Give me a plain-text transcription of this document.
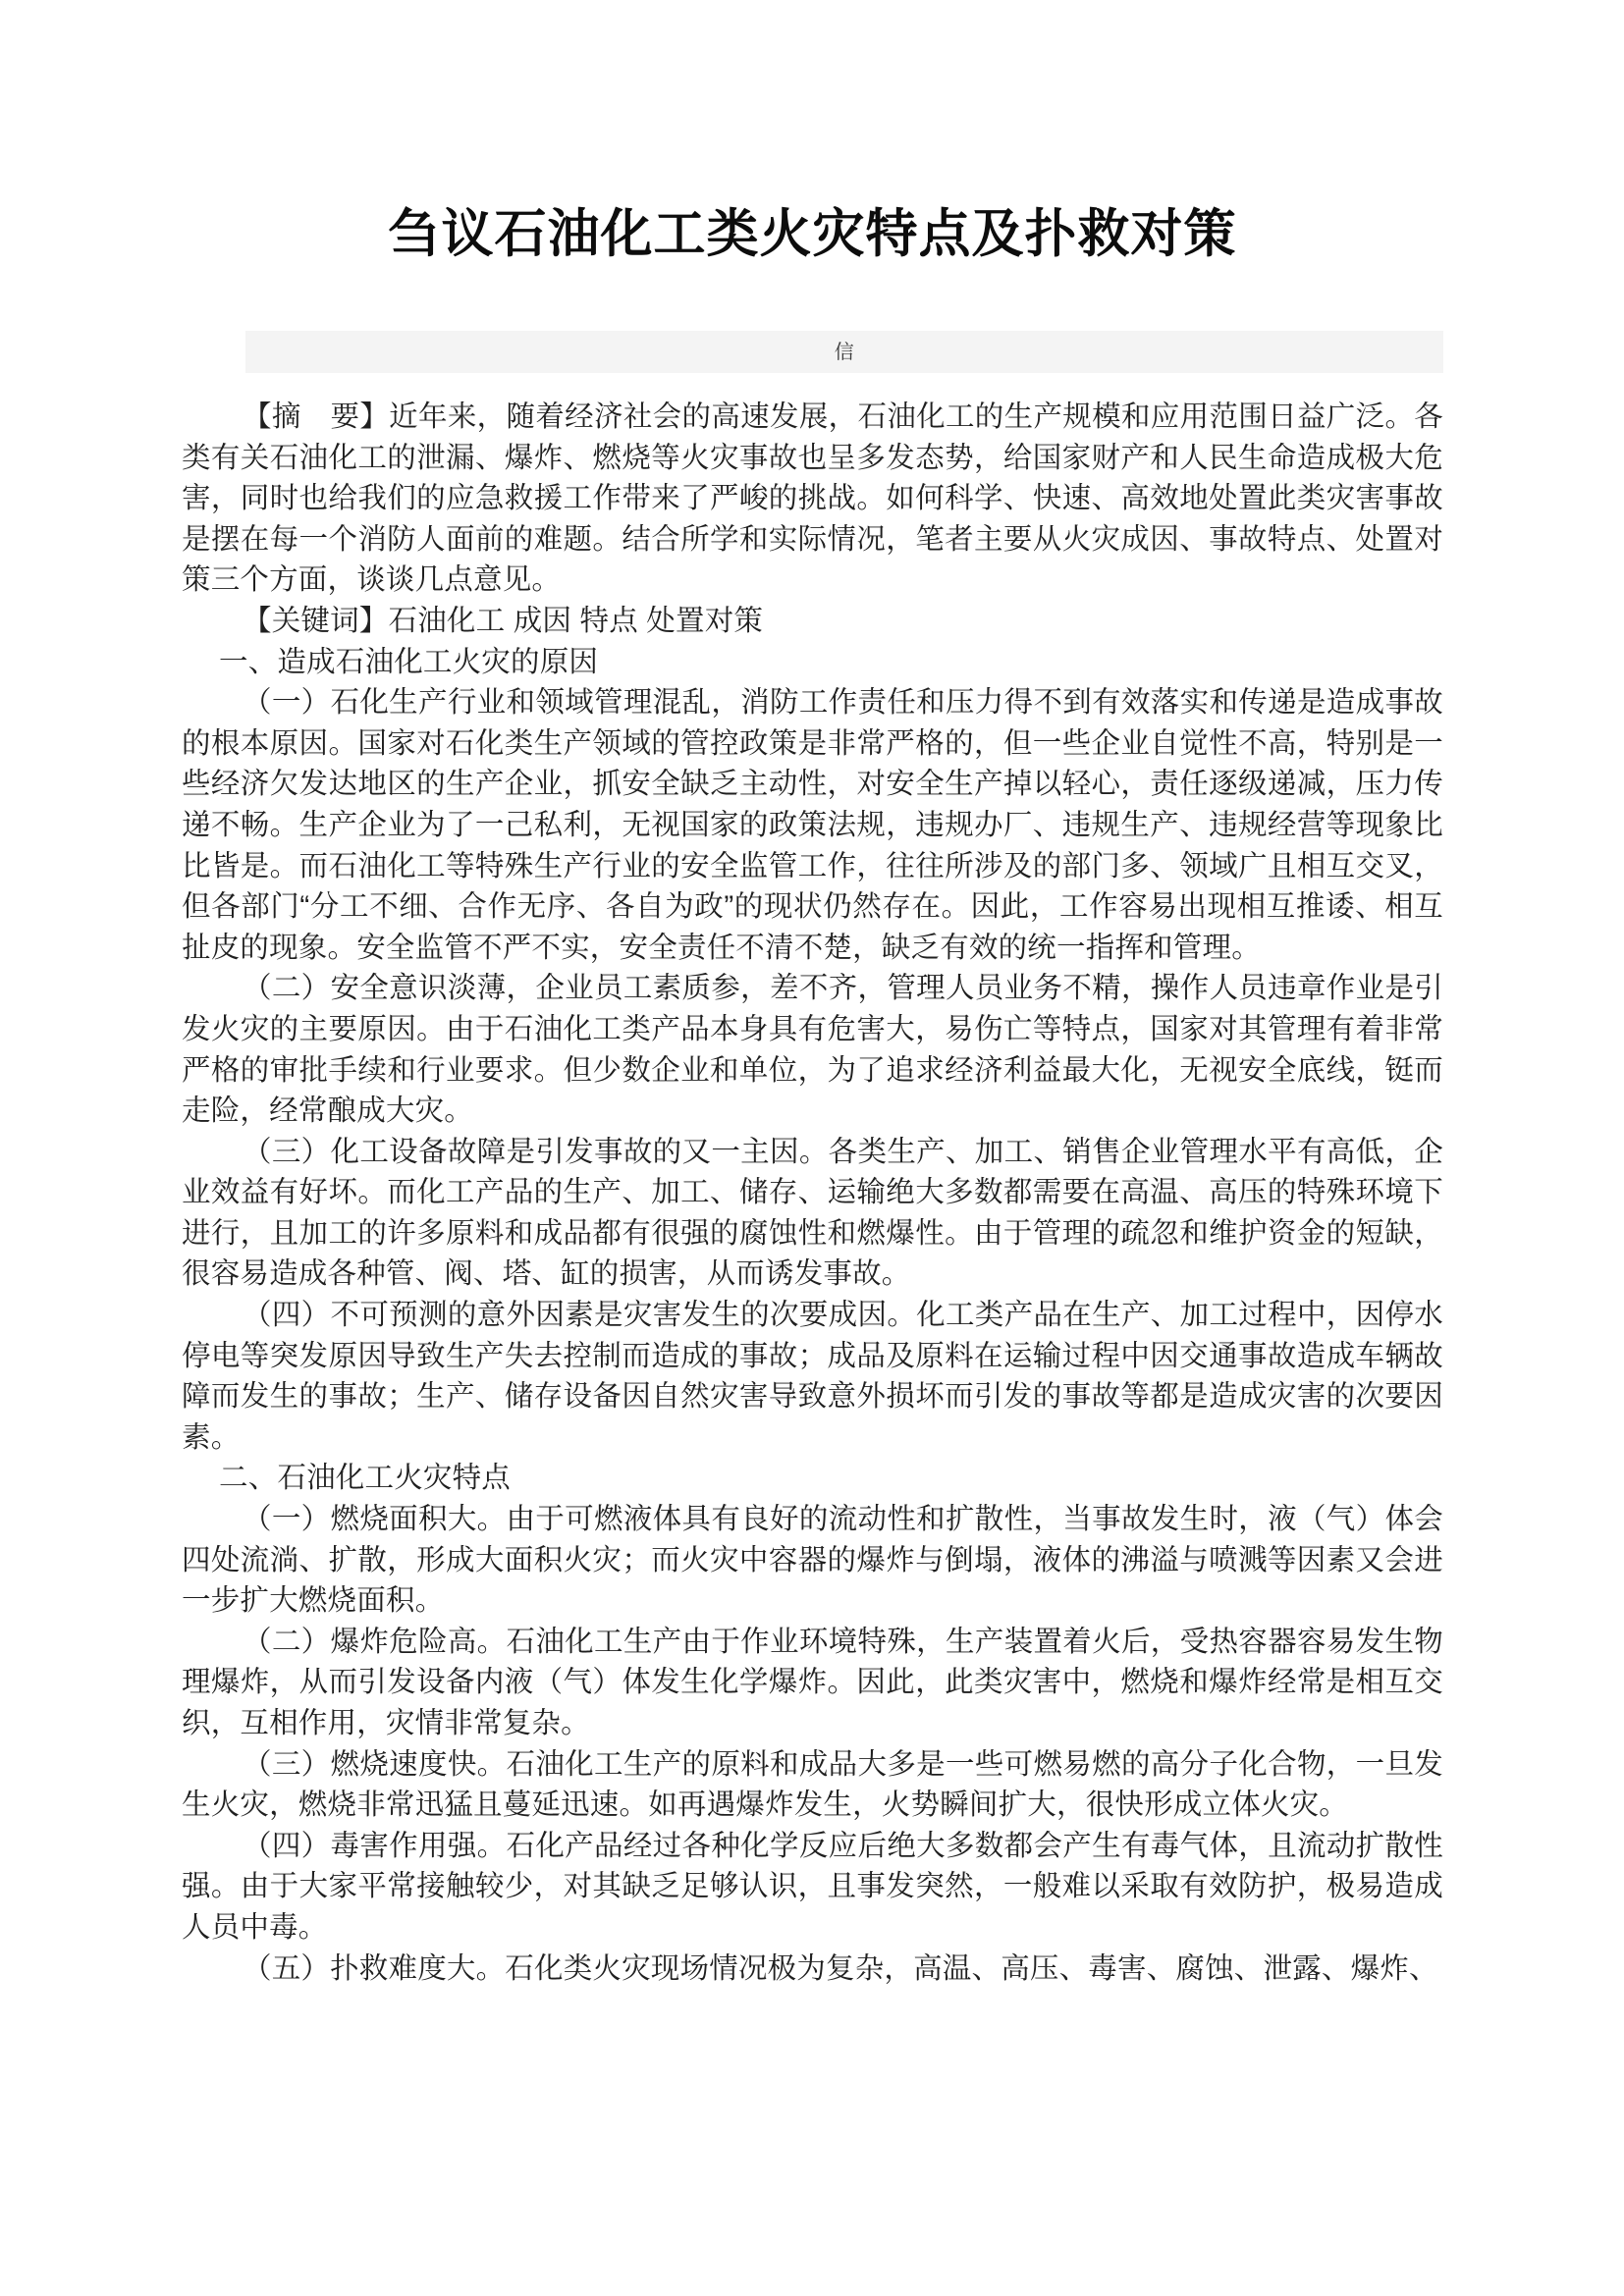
刍议石油化工类火灾特点及扑救对策
信

【摘　要】近年来，随着经济社会的高速发展，石油化工的生产规模和应用范围日益广泛。各类有关石油化工的泄漏、爆炸、燃烧等火灾事故也呈多发态势，给国家财产和人民生命造成极大危害，同时也给我们的应急救援工作带来了严峻的挑战。如何科学、快速、高效地处置此类灾害事故是摆在每一个消防人面前的难题。结合所学和实际情况，笔者主要从火灾成因、事故特点、处置对策三个方面，谈谈几点意见。

【关键词】石油化工 成因 特点 处置对策

一、造成石油化工火灾的原因

（一）石化生产行业和领域管理混乱，消防工作责任和压力得不到有效落实和传递是造成事故的根本原因。国家对石化类生产领域的管控政策是非常严格的，但一些企业自觉性不高，特别是一些经济欠发达地区的生产企业，抓安全缺乏主动性，对安全生产掉以轻心，责任逐级递减，压力传递不畅。生产企业为了一己私利，无视国家的政策法规，违规办厂、违规生产、违规经营等现象比比皆是。而石油化工等特殊生产行业的安全监管工作，往往所涉及的部门多、领域广且相互交叉，但各部门“分工不细、合作无序、各自为政”的现状仍然存在。因此，工作容易出现相互推诿、相互扯皮的现象。安全监管不严不实，安全责任不清不楚，缺乏有效的统一指挥和管理。

（二）安全意识淡薄，企业员工素质参，差不齐，管理人员业务不精，操作人员违章作业是引发火灾的主要原因。由于石油化工类产品本身具有危害大，易伤亡等特点，国家对其管理有着非常严格的审批手续和行业要求。但少数企业和单位，为了追求经济利益最大化，无视安全底线，铤而走险，经常酿成大灾。

（三）化工设备故障是引发事故的又一主因。各类生产、加工、销售企业管理水平有高低，企业效益有好坏。而化工产品的生产、加工、储存、运输绝大多数都需要在高温、高压的特殊环境下进行，且加工的许多原料和成品都有很强的腐蚀性和燃爆性。由于管理的疏忽和维护资金的短缺，很容易造成各种管、阀、塔、缸的损害，从而诱发事故。

（四）不可预测的意外因素是灾害发生的次要成因。化工类产品在生产、加工过程中，因停水停电等突发原因导致生产失去控制而造成的事故；成品及原料在运输过程中因交通事故造成车辆故障而发生的事故；生产、储存设备因自然灾害导致意外损坏而引发的事故等都是造成灾害的次要因素。

二、石油化工火灾特点

（一）燃烧面积大。由于可燃液体具有良好的流动性和扩散性，当事故发生时，液（气）体会四处流淌、扩散，形成大面积火灾；而火灾中容器的爆炸与倒塌，液体的沸溢与喷溅等因素又会进一步扩大燃烧面积。

（二）爆炸危险高。石油化工生产由于作业环境特殊，生产装置着火后，受热容器容易发生物理爆炸，从而引发设备内液（气）体发生化学爆炸。因此，此类灾害中，燃烧和爆炸经常是相互交织，互相作用，灾情非常复杂。

（三）燃烧速度快。石油化工生产的原料和成品大多是一些可燃易燃的高分子化合物，一旦发生火灾，燃烧非常迅猛且蔓延迅速。如再遇爆炸发生，火势瞬间扩大，很快形成立体火灾。

（四）毒害作用强。石化产品经过各种化学反应后绝大多数都会产生有毒气体，且流动扩散性强。由于大家平常接触较少，对其缺乏足够认识，且事发突然，一般难以采取有效防护，极易造成人员中毒。

（五）扑救难度大。石化类火灾现场情况极为复杂，高温、高压、毒害、腐蚀、泄露、爆炸、
